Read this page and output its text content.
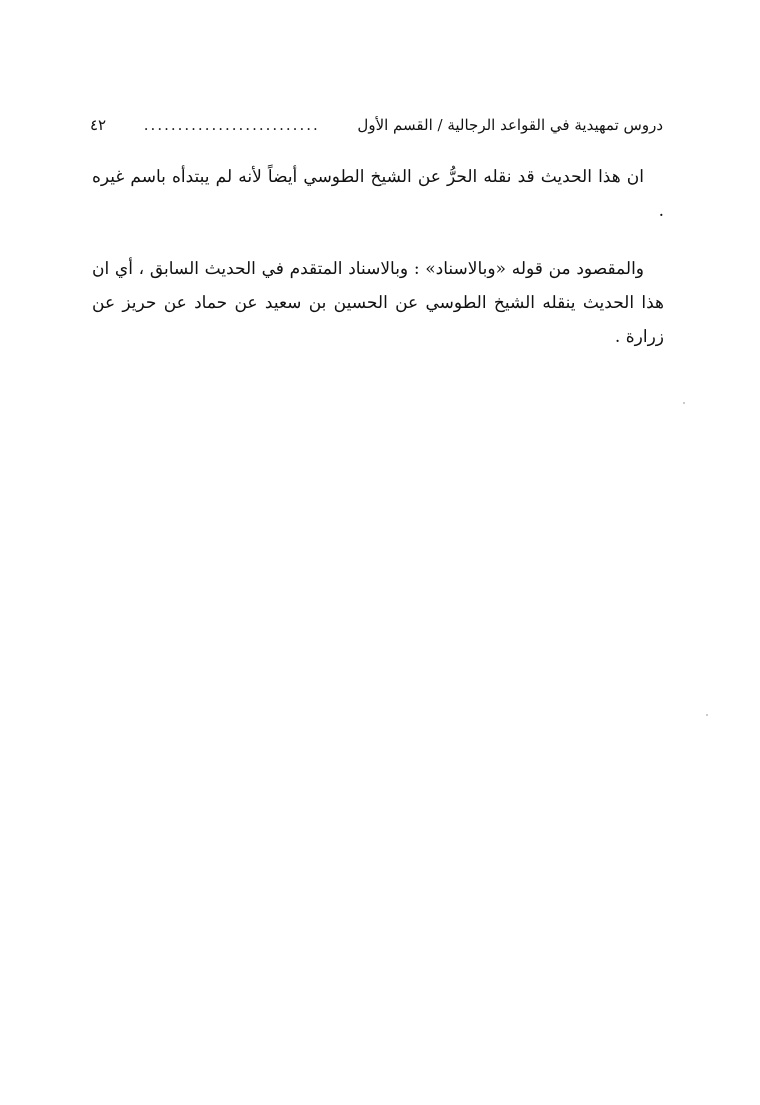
دروس تمهيدية في القواعد الرجالية / القسم الأول
..........................
٤٢

ان هذا الحديث قد نقله الحرُّ عن الشيخ الطوسي أيضاً لأنه لم يبتدأه باسم غيره .

والمقصود من قوله «وبالاسناد» : وبالاسناد المتقدم في الحديث السابق ، أي ان هذا الحديث ينقله الشيخ الطوسي عن الحسين بن سعيد عن حماد عن حريز عن زرارة .
